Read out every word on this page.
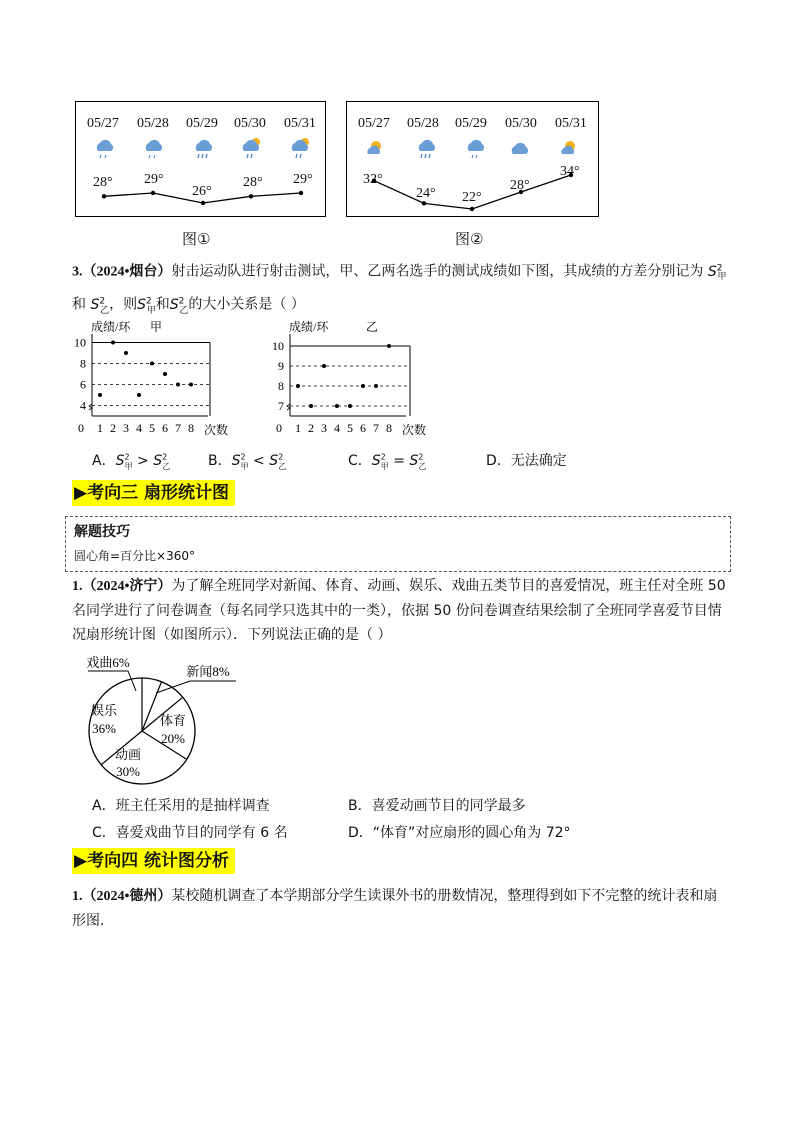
05/27 05/28 05/29 05/30 05/31
28° 29°
26°
28° 29°
图①
05/27 05/28 05/29 05/30 05/31
32°
24° 22°
28°
34°
图②
3.（2024•烟台）射击运动队进行射击测试，甲、乙两名选手的测试成绩如下图，其成绩的方差分别记为 $S^2_甲$
和 $S^2_乙$，则$S^2_甲$和$S^2_乙$的大小关系是（ ）
4
6
8
10
0 1 2 3 4 5 6 7 8 次数
成绩/环 甲
7
8
9
10
0 1 2 3 4 5 6 7 8 次数
成绩/环	乙
A．$S^2_甲 > S^2_乙$	B．$S^2_甲 < S^2_乙$	C．$S^2_甲 = S^2_乙$	D．无法确定
▶考向三 扇形统计图
解题技巧
圆心角=百分比×360°
1.（2024•济宁）为了解全班同学对新闻、体育、动画、娱乐、戏曲五类节目的喜爱情况，班主任对全班 50
名同学进行了问卷调查（每名同学只选其中的一类），依据 50 份问卷调查结果绘制了全班同学喜爱节目情
况扇形统计图（如图所示）．下列说法正确的是（ ）
戏曲6%
新闻8%
体育
20%
动画
30%
娱乐
36%
A．班主任采用的是抽样调查	B．喜爱动画节目的同学最多
C．喜爱戏曲节目的同学有 6 名	D．“体育”对应扇形的圆心角为 72°
▶考向四 统计图分析
1.（2024•德州）某校随机调查了本学期部分学生读课外书的册数情况，整理得到如下不完整的统计表和扇
形图．
